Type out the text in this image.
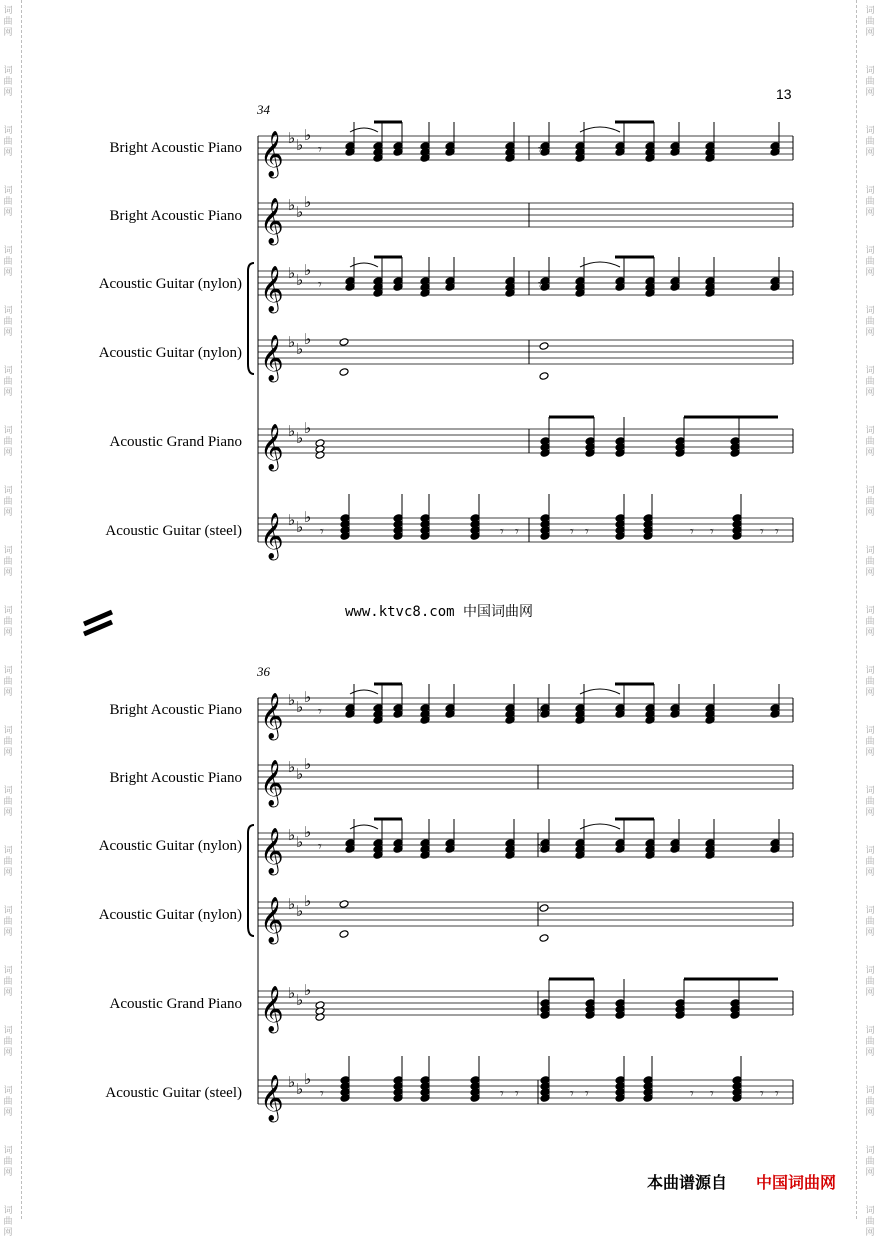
词
曲
网
词
曲
网
词
曲
网
词
曲
网
词
曲
网
词
曲
网
词
曲
网
词
曲
网
词
曲
网
词
曲
网
词
曲
网
词
曲
网
词
曲
网
词
曲
网
词
曲
网
词
曲
网
词
曲
网
词
曲
网
词
曲
网
词
曲
网
词
曲
网
词
曲
网
词
曲
网
词
曲
网
词
曲
网
词
曲
网
词
曲
网
词
曲
网
词
曲
网
词
曲
网
词
曲
网
词
曲
网
词
曲
网
词
曲
网
词
曲
网
词
曲
网
词
曲
网
词
曲
网
词
曲
网
词
曲
网
词
曲
网
词
曲
网
13
34
36
Bright Acoustic Piano
Bright Acoustic Piano
Acoustic Guitar (nylon)
Acoustic Guitar (nylon)
Acoustic Grand Piano
Acoustic Guitar (steel)
Bright Acoustic Piano
Bright Acoustic Piano
Acoustic Guitar (nylon)
Acoustic Guitar (nylon)
Acoustic Grand Piano
Acoustic Guitar (steel)
www.ktvc8.com 中国词曲网
本曲谱源自 中国词曲网
𝄞 ♭ ♭
♭
𝄞 ♭ ♭
♭
𝄞 ♭ ♭
♭
𝄞 ♭ ♭
♭
𝄞 ♭ ♭
♭
𝄞 ♭ ♭
♭
𝄾	𝄾
𝄾	𝄾
𝄾	𝄾 𝄾	𝄾 𝄾	𝄾 𝄾	𝄾 𝄾
𝄞 ♭ ♭
♭
𝄞 ♭ ♭
♭
𝄞 ♭ ♭
♭
𝄞 ♭ ♭
♭
𝄞 ♭ ♭
♭
𝄞 ♭ ♭
♭
𝄾	𝄾
𝄾	𝄾
𝄾	𝄾 𝄾	𝄾 𝄾	𝄾 𝄾	𝄾 𝄾
